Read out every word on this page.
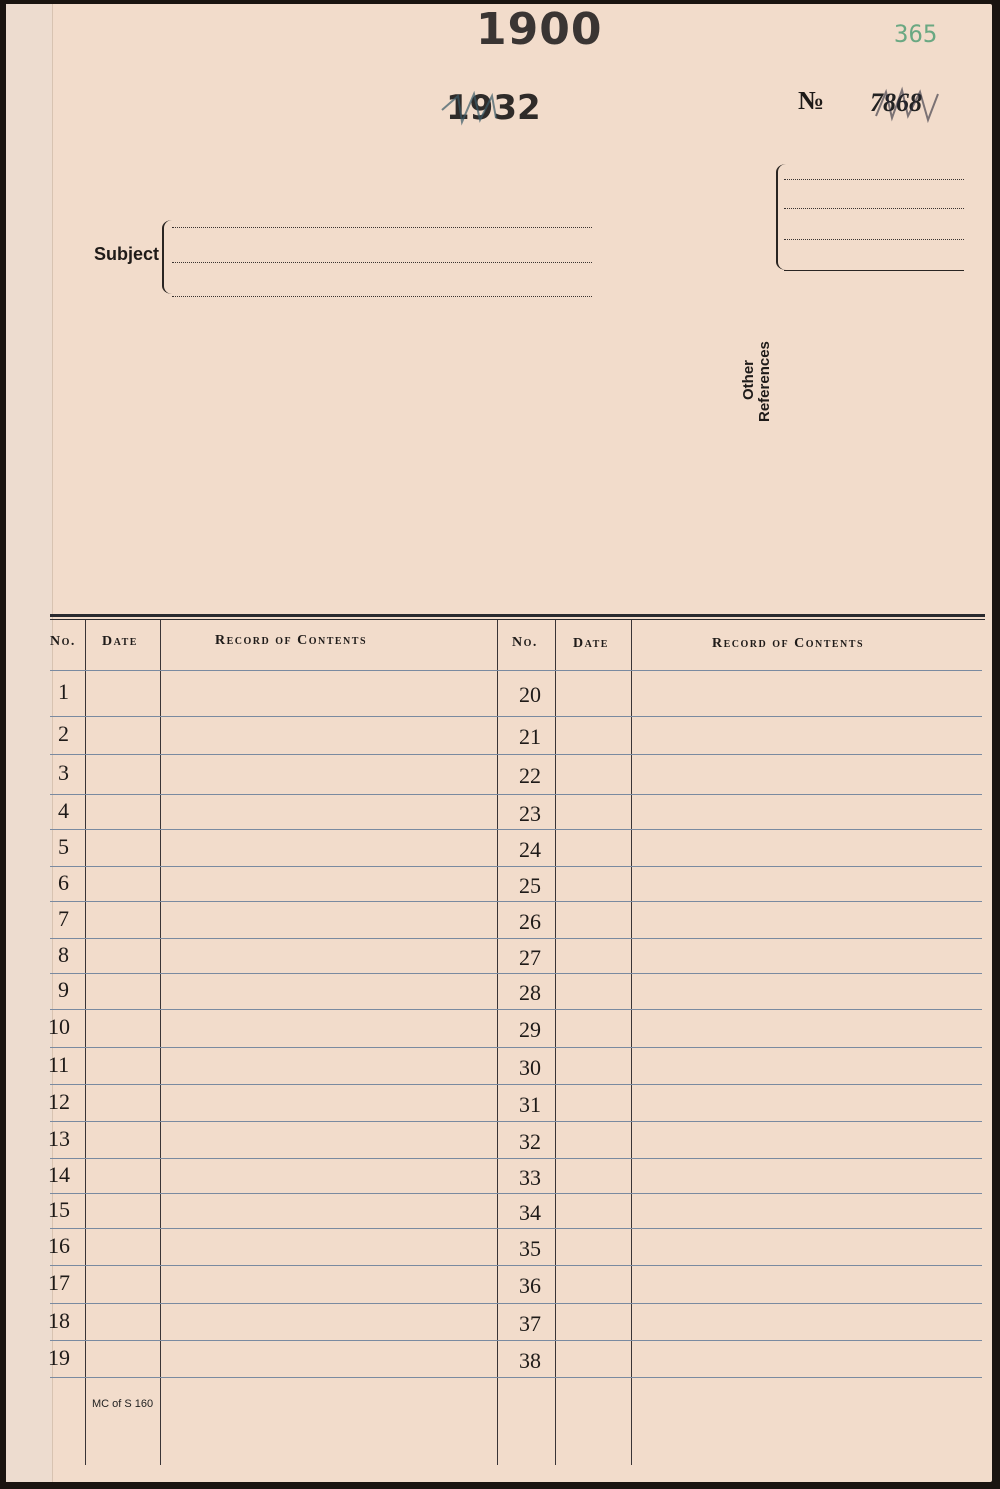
1900	365
1932	№ 7868
Subject
Other References
No. Date	Record of Contents	No.	Date	Record of Contents
1	20
2	21
3	22
4	23
5	24
6	25
7	26
8	27
9	28
10	29
11	30
12	31
13	32
14	33
15	34
16	35
17	36
18	37
19	38
MC of S 160
